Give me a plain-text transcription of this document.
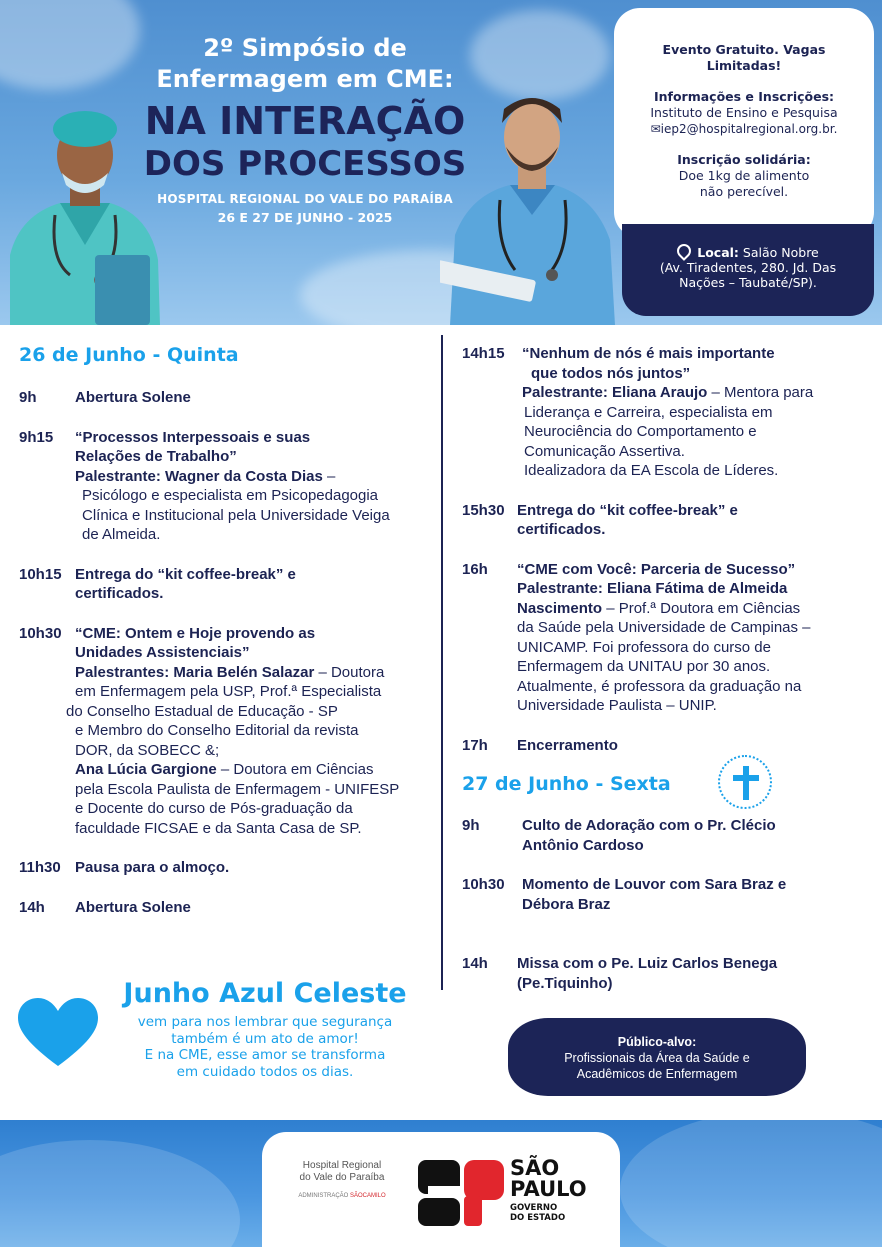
2º Simpósio de
Enfermagem em CME:
NA INTERAÇÃO
DOS PROCESSOS
HOSPITAL REGIONAL DO VALE DO PARAÍBA
26 E 27 DE JUNHO - 2025
Evento Gratuito. Vagas
Limitadas!
Informações e Inscrições:
Instituto de Ensino e Pesquisa
✉iep2@hospitalregional.org.br.
Inscrição solidária:
Doe 1kg de alimento
não perecível.
Local: Salão Nobre
(Av. Tiradentes, 280. Jd. Das
Nações – Taubaté/SP).
26 de Junho - Quinta
9h	Abertura Solene
9h15	“Processos Interpessoais e suas
Relações de Trabalho”
Palestrante: Wagner da Costa Dias –
Psicólogo e especialista em Psicopedagogia
Clínica e Institucional pela Universidade Veiga
de Almeida.
10h15 Entrega do “kit coffee-break” e
certificados.
10h30 “CME: Ontem e Hoje provendo as
Unidades Assistenciais”
Palestrantes: Maria Belén Salazar – Doutora
em Enfermagem pela USP, Prof.ª Especialista
do Conselho Estadual de Educação - SP
e Membro do Conselho Editorial da revista
DOR, da SOBECC &;
Ana Lúcia Gargione – Doutora em Ciências
pela Escola Paulista de Enfermagem - UNIFESP
e Docente do curso de Pós-graduação da
faculdade FICSAE e da Santa Casa de SP.
11h30 Pausa para o almoço.
14h	Abertura Solene
14h15	“Nenhum de nós é mais importante
que todos nós juntos”
Palestrante: Eliana Araujo – Mentora para
Liderança e Carreira, especialista em
Neurociência do Comportamento e
Comunicação Assertiva.
Idealizadora da EA Escola de Líderes.
15h30 Entrega do “kit coffee-break” e
certificados.
16h	“CME com Você: Parceria de Sucesso”
Palestrante: Eliana Fátima de Almeida
Nascimento – Prof.ª Doutora em Ciências
da Saúde pela Universidade de Campinas –
UNICAMP. Foi professora do curso de
Enfermagem da UNITAU por 30 anos.
Atualmente, é professora da graduação na
Universidade Paulista – UNIP.
17h	Encerramento
27 de Junho - Sexta
9h	Culto de Adoração com o Pr. Clécio
Antônio Cardoso
10h30	Momento de Louvor com Sara Braz e
Débora Braz
14h	Missa com o Pe. Luiz Carlos Benega
(Pe.Tiquinho)
Junho Azul Celeste
vem para nos lembrar que segurança
também é um ato de amor!
E na CME, esse amor se transforma
em cuidado todos os dias.
Público-alvo:
Profissionais da Área da Saúde e
Acadêmicos de Enfermagem
Hospital Regional
do Vale do Paraíba
ADMINISTRAÇÃO SÃOCAMILO
SÃO
PAULO
GOVERNO
DO ESTADO
